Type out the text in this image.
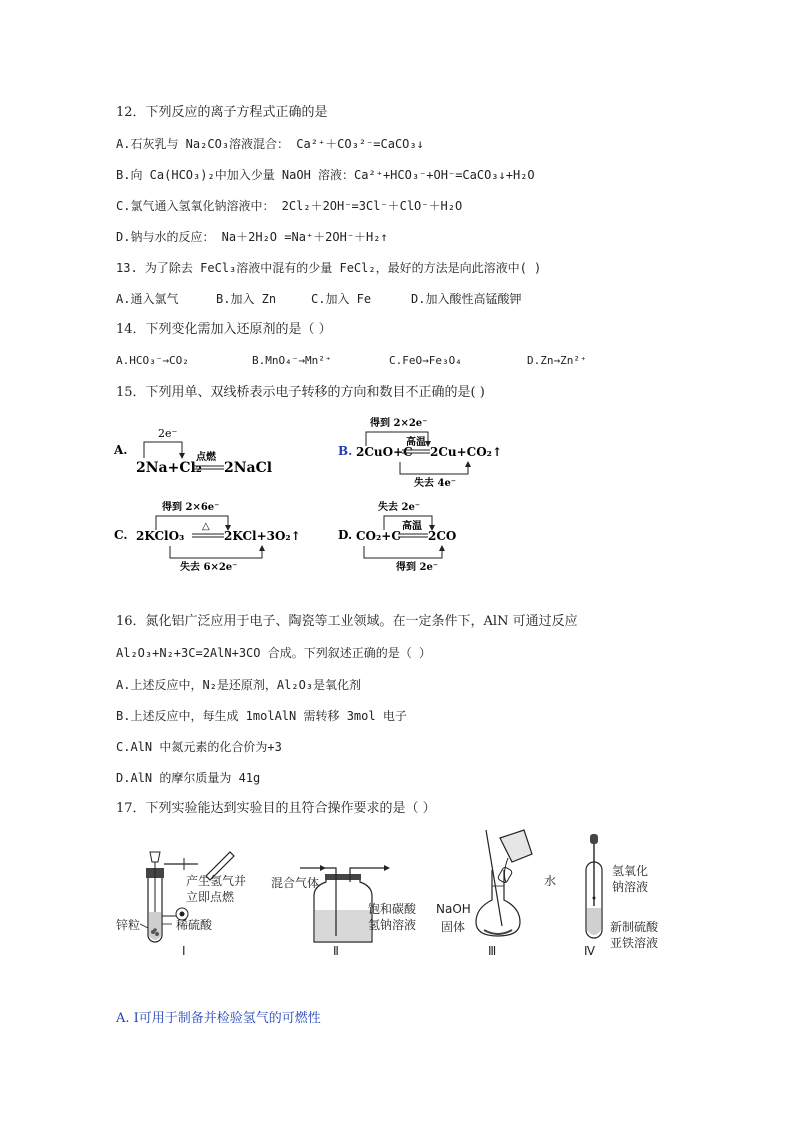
12．下列反应的离子方程式正确的是
A.石灰乳与 Na₂CO₃溶液混合： Ca²⁺＋CO₃²⁻=CaCO₃↓
B.向 Ca(HCO₃)₂中加入少量 NaOH 溶液：Ca²⁺+HCO₃⁻+OH⁻=CaCO₃↓+H₂O
C.氯气通入氢氧化钠溶液中： 2Cl₂＋2OH⁻=3Cl⁻＋ClO⁻＋H₂O
D.钠与水的反应： Na＋2H₂O =Na⁺＋2OH⁻＋H₂↑
13. 为了除去 FeCl₃溶液中混有的少量 FeCl₂，最好的方法是向此溶液中( )
A.通入氯气	B.加入 Zn	C.加入 Fe	D.加入酸性高锰酸钾
14．下列变化需加入还原剂的是（ ）
A.HCO₃⁻→CO₂	B.MnO₄⁻→Mn²⁺	C.FeO→Fe₃O₄	D.Zn→Zn²⁺
15．下列用单、双线桥表示电子转移的方向和数目不正确的是( )
A.
2e⁻
2Na+Cl₂
点燃
2NaCl
B.
得到 2×2e⁻
2CuO+C
高温
2Cu+CO₂↑
失去 4e⁻
C.
得到 2×6e⁻
2KClO₃
△
2KCl+3O₂↑
失去 6×2e⁻
D.
失去 2e⁻
CO₂+C
高温
2CO
得到 2e⁻
16．氮化铝广泛应用于电子、陶瓷等工业领域。在一定条件下，AlN 可通过反应
Al₂O₃+N₂+3C=2AlN+3CO 合成。下列叙述正确的是（ ）
A.上述反应中，N₂是还原剂，Al₂O₃是氧化剂
B.上述反应中，每生成 1molAlN 需转移 3mol 电子
C.AlN 中氮元素的化合价为+3
D.AlN 的摩尔质量为 41g
17．下列实验能达到实验目的且符合操作要求的是（ ）
产生氢气并
立即点燃
锌粒	稀硫酸
Ⅰ
混合气体
饱和碳酸
氢钠溶液
Ⅱ
水
NaOH
固体
Ⅲ
氢氧化
钠溶液
新制硫酸
亚铁溶液
Ⅳ
A. Ⅰ可用于制备并检验氢气的可燃性
